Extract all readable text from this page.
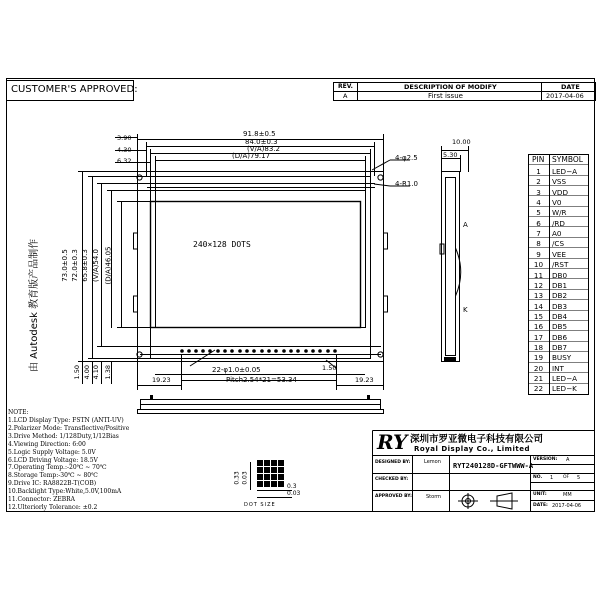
CUSTOMER'S APPROVED:	REV.	DESCRIPTION OF MODIFY	DATE
A	First issue	2017-04-06
由 Autodesk 教育版产品制作
3.90
4.30
6.32
91.8±0.5
84.0±0.3
(V/A)83.2
(D/A)79.17	4-φ2.5
4-R1.0
73.0±0.5 72.0±0.3 65.8±0.3 (V/A)54.0 (D/A)46.05
1.50 4.00 4.10 1.38	22-φ1.0±0.05
Pitch2.54*21=53.34
19.23	19.23
1.50
10.00
5.30
A
K
240×128 DOTS
0.33 0.03
0.3
0.03
DOT SIZE
PIN SYMBOL
1	LED−A
2	VSS
3	VDD
4	V0
5	W/R
6	/RD
7	A0
8	/CS
9	VEE
10	/RST
11	DB0
12	DB1
13	DB2
14	DB3
15	DB4
16	DB5
17	DB6
18	DB7
19	BUSY
20	INT
21	LED−A
22	LED−K
NOTE:
1.LCD Display Type: FSTN (ANTI-UV)
2.Polarizer Mode: Transflective/Positive
3.Drive Method: 1/128Duty,1/12Bias
4.Viewing Direction: 6:00
5.Logic Supply Voltage: 5.0V
6.LCD Driving Voltage: 18.5V
7.Operating Temp.:-20℃ ~ 70℃
8.Storage Temp:-30℃ ~ 80℃
9.Drive IC: RA8822B-T(COB)
10.Backlight Type:White,5.0V,100mA
11.Connector: ZEBRA
12.Ulteriorly Tolerance: ±0.2
RY 深圳市罗亚微电子科技有限公司
Royal Display Co., Limited
DESIGNED BY:	Lemon
CHECKED BY:
APPROVED BY:	Storm
RYT240128D-GFTWWW-A
VERSION: A
NO. 1 OF 5
UNIT:	MM
DATE: 2017-04-06
